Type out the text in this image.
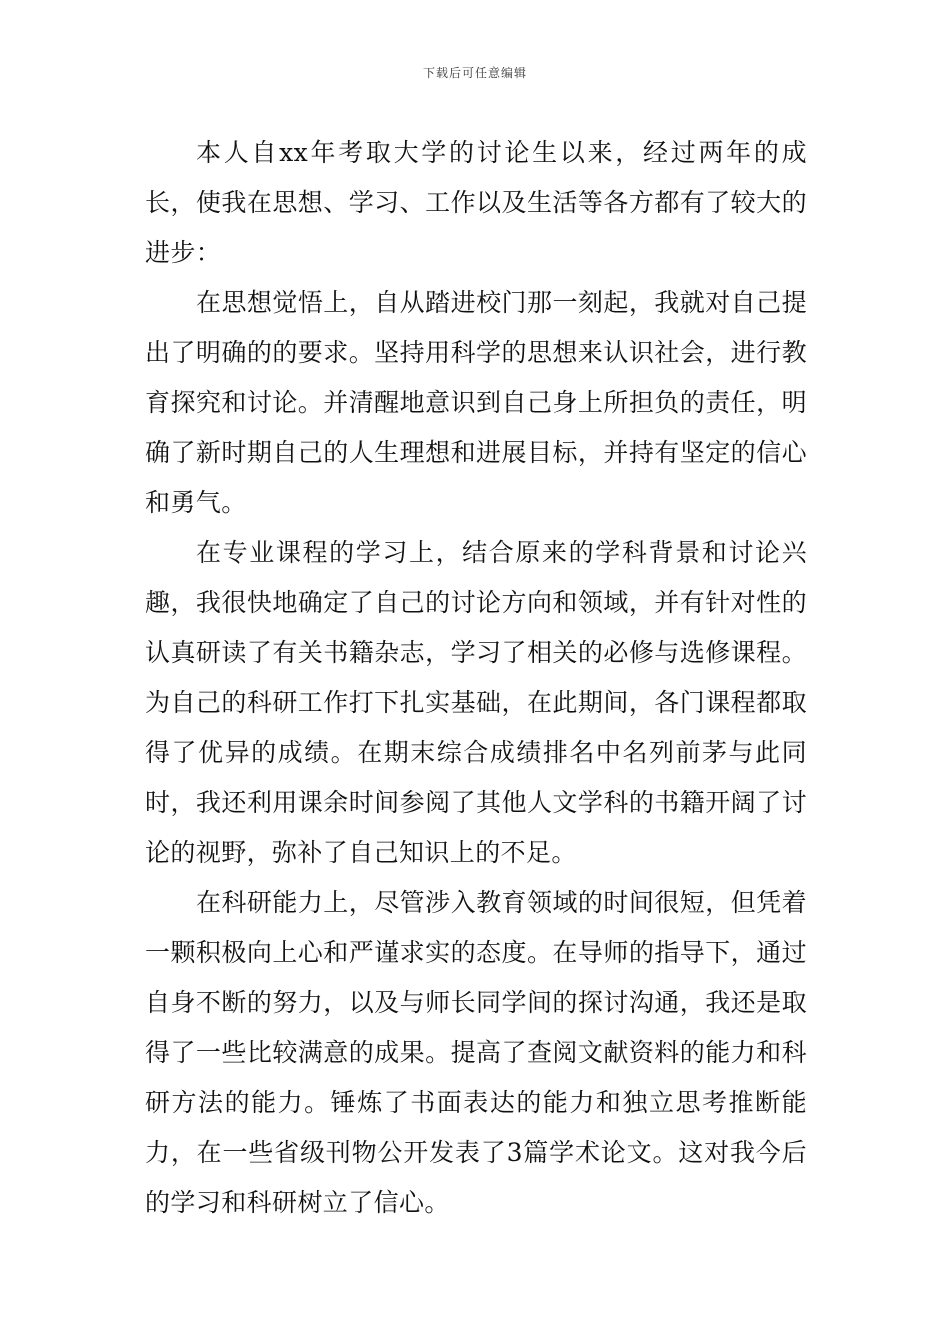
下载后可任意编辑

本人自xx年考取大学的讨论生以来，经过两年的成长，使我在思想、学习、工作以及生活等各方都有了较大的进步：

在思想觉悟上，自从踏进校门那一刻起，我就对自己提出了明确的的要求。坚持用科学的思想来认识社会，进行教育探究和讨论。并清醒地意识到自己身上所担负的责任，明确了新时期自己的人生理想和进展目标，并持有坚定的信心和勇气。

在专业课程的学习上，结合原来的学科背景和讨论兴趣，我很快地确定了自己的讨论方向和领域，并有针对性的认真研读了有关书籍杂志，学习了相关的必修与选修课程。为自己的科研工作打下扎实基础，在此期间，各门课程都取得了优异的成绩。在期末综合成绩排名中名列前茅与此同时，我还利用课余时间参阅了其他人文学科的书籍开阔了讨论的视野，弥补了自己知识上的不足。

在科研能力上，尽管涉入教育领域的时间很短，但凭着一颗积极向上心和严谨求实的态度。在导师的指导下，通过自身不断的努力，以及与师长同学间的探讨沟通，我还是取得了一些比较满意的成果。提高了查阅文献资料的能力和科研方法的能力。锤炼了书面表达的能力和独立思考推断能力，在一些省级刊物公开发表了3篇学术论文。这对我今后的学习和科研树立了信心。
